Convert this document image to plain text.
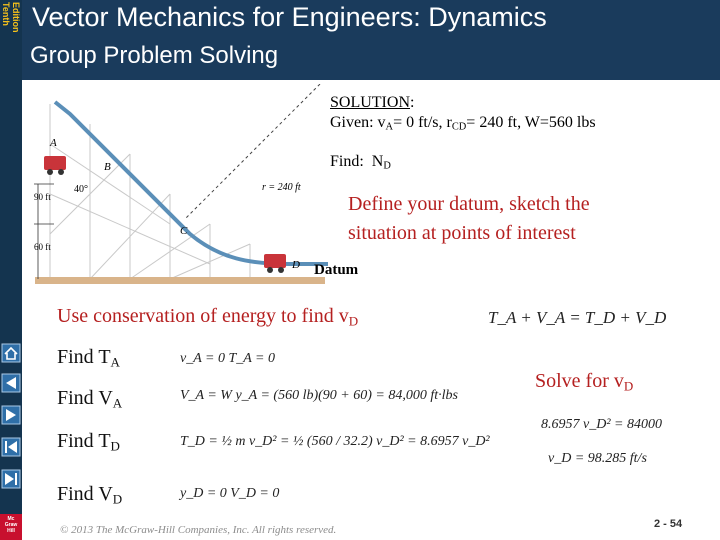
Tenth Edition
Mc
Graw
Hill
Vector Mechanics for Engineers: Dynamics
Group Problem Solving
A
B
C
D
r = 240 ft
40°
90 ft
60 ft
SOLUTION:
Given: $v_A= 0$ ft/s, $r_{CD}= 240$ ft, W=560 lbs
Find: $N_D$
Define your datum, sketch the
situation at points of interest
Datum
Use conservation of energy to find $v_D$	T_A + V_A = T_D + V_D
Find $T_A$	v_A = 0 T_A = 0
Find $V_A$	V_A = W y_A = (560 lb)(90 + 60) = 84,000 ft·lbs
Find $T_D$	T_D = ½ m v_D² = ½ (560 / 32.2) v_D² = 8.6957 v_D²
Find $V_D$	y_D = 0 V_D = 0
Solve for $v_D$
8.6957 v_D² = 84000
v_D = 98.285 ft/s
© 2013 The McGraw-Hill Companies, Inc. All rights reserved.	2 - 54
